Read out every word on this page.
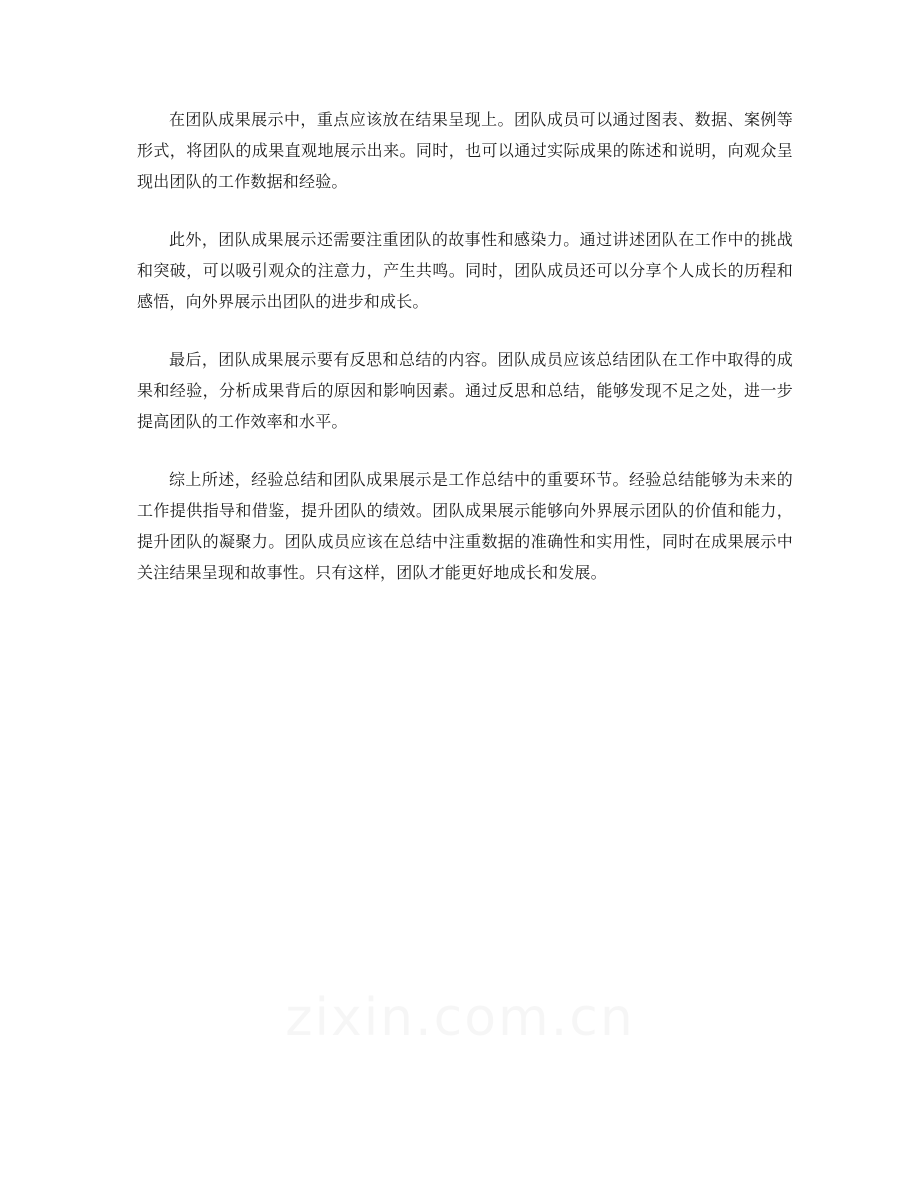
在团队成果展示中，重点应该放在结果呈现上。团队成员可以通过图表、数据、案例等形式，将团队的成果直观地展示出来。同时，也可以通过实际成果的陈述和说明，向观众呈现出团队的工作数据和经验。

此外，团队成果展示还需要注重团队的故事性和感染力。通过讲述团队在工作中的挑战和突破，可以吸引观众的注意力，产生共鸣。同时，团队成员还可以分享个人成长的历程和感悟，向外界展示出团队的进步和成长。

最后，团队成果展示要有反思和总结的内容。团队成员应该总结团队在工作中取得的成果和经验，分析成果背后的原因和影响因素。通过反思和总结，能够发现不足之处，进一步提高团队的工作效率和水平。

综上所述，经验总结和团队成果展示是工作总结中的重要环节。经验总结能够为未来的工作提供指导和借鉴，提升团队的绩效。团队成果展示能够向外界展示团队的价值和能力，提升团队的凝聚力。团队成员应该在总结中注重数据的准确性和实用性，同时在成果展示中关注结果呈现和故事性。只有这样，团队才能更好地成长和发展。
